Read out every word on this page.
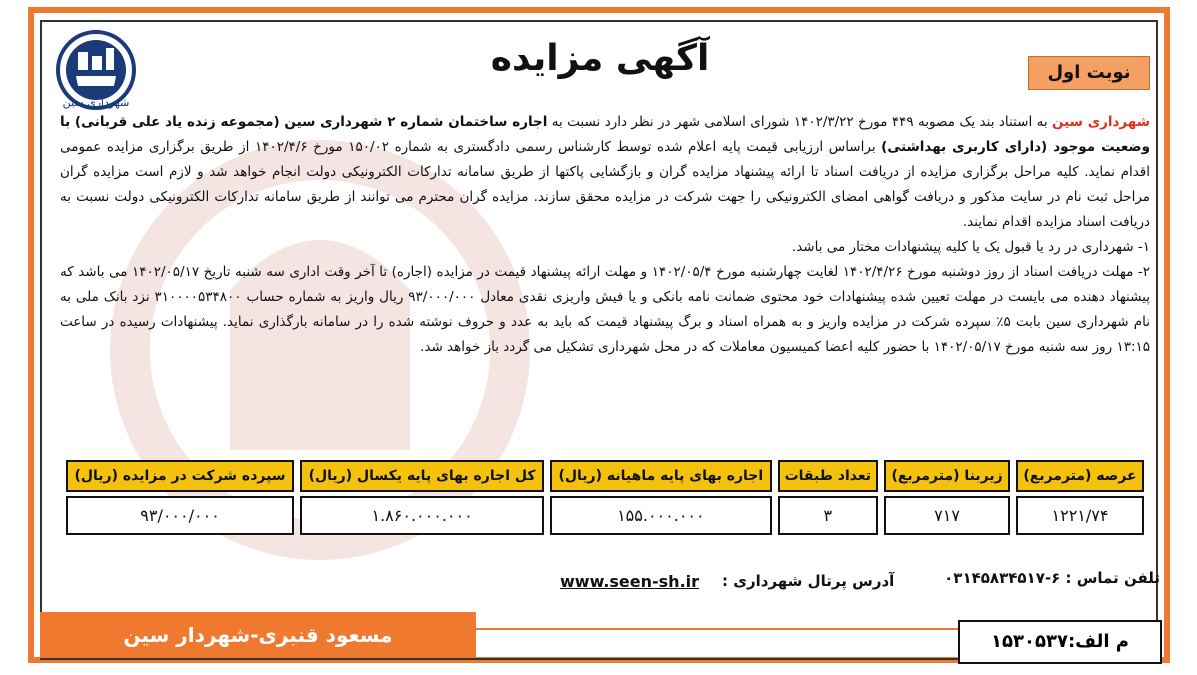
شهرداری سین
آگهی مزایده	نوبت اول

شهرداری سین به استناد بند یک مصوبه ۴۴۹ مورخ ۱۴۰۲/۳/۲۲ شورای اسلامی شهر در نظر دارد نسبت به اجاره ساختمان شماره ۲ شهرداری سین (مجموعه زنده یاد علی قربانی) با وضعیت موجود (دارای کاربری بهداشتی) براساس ارزیابی قیمت پایه اعلام شده توسط کارشناس رسمی دادگستری به شماره ۱۵۰/۰۲ مورخ ۱۴۰۲/۴/۶ از طریق برگزاری مزایده عمومی اقدام نماید. کلیه مراحل برگزاری مزایده از دریافت اسناد تا ارائه پیشنهاد مزایده گران و بازگشایی پاکتها از طریق سامانه تدارکات الکترونیکی دولت انجام خواهد شد و لازم است مزایده گران مراحل ثبت نام در سایت مذکور و دریافت گواهی امضای الکترونیکی را جهت شرکت در مزایده محقق سازند. مزایده گران محترم می توانند از طریق سامانه تدارکات الکترونیکی دولت نسبت به دریافت اسناد مزایده اقدام نمایند.

۱- شهرداری در رد یا قبول یک یا کلیه پیشنهادات مختار می باشد.

۲- مهلت دریافت اسناد از روز دوشنبه مورخ ۱۴۰۲/۴/۲۶ لغایت چهارشنبه مورخ ۱۴۰۲/۰۵/۴ و مهلت ارائه پیشنهاد قیمت در مزایده (اجاره) تا آخر وقت اداری سه شنبه تاریخ ۱۴۰۲/۰۵/۱۷ می باشد که پیشنهاد دهنده می بایست در مهلت تعیین شده پیشنهادات خود محتوی ضمانت نامه بانکی و یا فیش واریزی نقدی معادل ۹۳/۰۰۰/۰۰۰ ریال واریز به شماره حساب ۳۱۰۰۰۰۵۳۴۸۰۰ نزد بانک ملی به نام شهرداری سین بابت ۵٪ سپرده شرکت در مزایده واریز و به همراه اسناد و برگ پیشنهاد قیمت که باید به عدد و حروف نوشته شده را در سامانه بارگذاری نماید. پیشنهادات رسیده در ساعت ۱۳:۱۵ روز سه شنبه مورخ ۱۴۰۲/۰۵/۱۷ با حضور کلیه اعضا کمیسیون معاملات که در محل شهرداری تشکیل می گردد باز خواهد شد.

عرصه (مترمربع)	زیربنا (مترمربع)	تعداد طبقات	اجاره بهای پایه ماهیانه (ریال)	کل اجاره بهای پایه یکسال (ریال)	سپرده شرکت در مزایده (ریال)
۱۲۲۱/۷۴	۷۱۷	۳	۱۵۵.۰۰۰.۰۰۰	۱.۸۶۰.۰۰۰.۰۰۰	۹۳/۰۰۰/۰۰۰
تلفن تماس : ۶-۰۳۱۴۵۸۳۴۵۱۷
آدرس پرتال شهرداری :
www.seen-sh.ir
مسعود قنبری-شهردار سین	م الف:۱۵۳۰۵۳۷
